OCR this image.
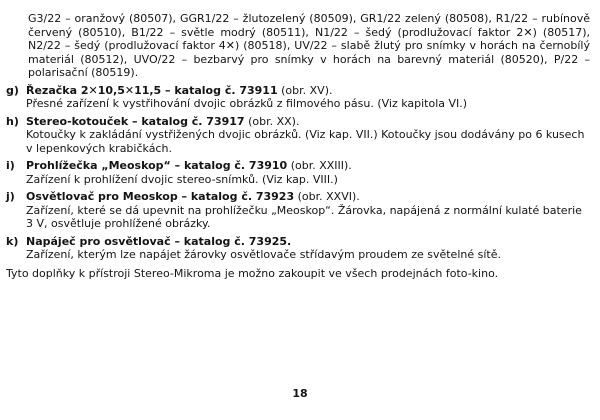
G3/22 – oranžový (80507), GGR1/22 – žlutozelený (80509), GR1/22 zelený (80508), R1/22 – rubínově červený (80510), B1/22 – světle modrý (80511), N1/22 – šedý (prodlužovací faktor 2✕) (80517), N2/22 – šedý (prodlužovací faktor 4✕) (80518), UV/22 – slabě žlutý pro snímky v horách na černobílý materiál (80512), UVO/22 – bezbarvý pro snímky v horách na barevný materiál (80520), P/22 – polarisační (80519).
g) Řezačka 2✕10,5✕11,5 – katalog č. 73911 (obr. XV).
Přesné zařízení k vystřihování dvojic obrázků z filmového pásu. (Viz kapitola VI.)
h) Stereo-kotouček – katalog č. 73917 (obr. XX).
Kotoučky k zakládání vystřižených dvojic obrázků. (Viz kap. VII.) Kotoučky jsou dodávány po 6 kusech v lepenkových krabičkách.
i)	Prohlížečka „Meoskop“ – katalog č. 73910 (obr. XXIII).
Zařízení k prohlížení dvojic stereo-snímků. (Viz kap. VIII.)
j)	Osvětlovač pro Meoskop – katalog č. 73923 (obr. XXVI).
Zařízení, které se dá upevnit na prohlížečku „Meoskop“. Žárovka, napájená z normální kulaté baterie 3 V, osvětluje prohlížené obrázky.
k) Napáječ pro osvětlovač – katalog č. 73925.
Zařízení, kterým lze napájet žárovky osvětlovače střídavým proudem ze světelné sítě.
Tyto doplňky k přístroji Stereo-Mikroma je možno zakoupit ve všech prodejnách foto-kino.
18
